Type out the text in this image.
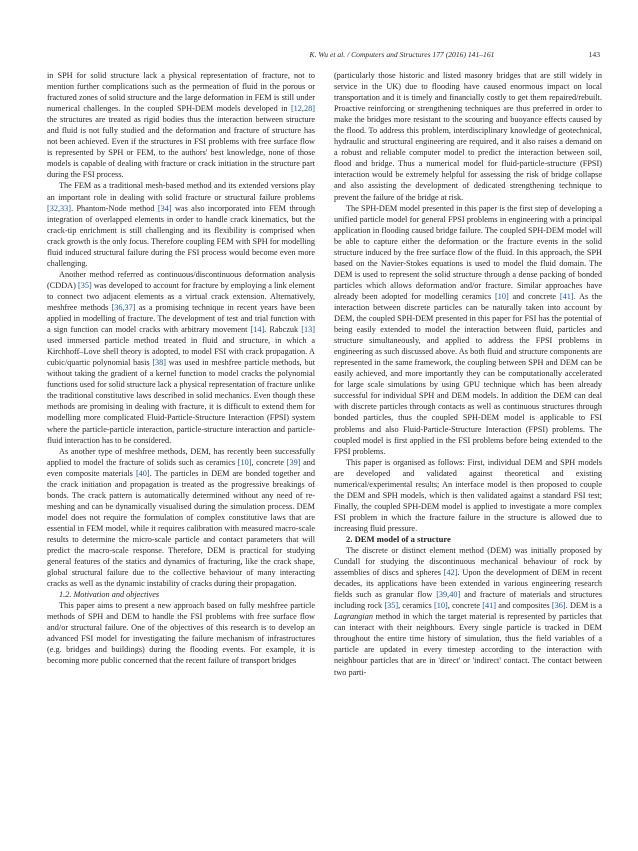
K. Wu et al. / Computers and Structures 177 (2016) 141–161	143

in SPH for solid structure lack a physical representation of fracture, not to mention further complications such as the permeation of fluid in the porous or fractured zones of solid structure and the large deformation in FEM is still under numerical challenges. In the coupled SPH-DEM models developed in [12,28] the structures are treated as rigid bodies thus the interaction between structure and fluid is not fully studied and the deformation and fracture of structure has not been achieved. Even if the structures in FSI problems with free surface flow is represented by SPH or FEM, to the authors' best knowledge, none of those models is capable of dealing with fracture or crack initiation in the structure part during the FSI process.

The FEM as a traditional mesh-based method and its extended versions play an important role in dealing with solid fracture or structural failure problems [32,33]. Phantom-Node method [34] was also incorporated into FEM through integration of overlapped elements in order to handle crack kinematics, but the crack-tip enrichment is still challenging and its flexibility is comprised when crack growth is the only focus. Therefore coupling FEM with SPH for modelling fluid induced structural failure during the FSI process would become even more challenging.

Another method referred as continuous/discontinuous deformation analysis (CDDA) [35] was developed to account for fracture by employing a link element to connect two adjacent elements as a virtual crack extension. Alternatively, meshfree methods [36,37] as a promising technique in recent years have been applied in modelling of fracture. The development of test and trial function with a sign function can model cracks with arbitrary movement [14]. Rabczuk [13] used immersed particle method treated in fluid and structure, in which a Kirchhoff–Love shell theory is adopted, to model FSI with crack propagation. A cubic/quartic polynomial basis [38] was used in meshfree particle methods, but without taking the gradient of a kernel function to model cracks the polynomial functions used for solid structure lack a physical representation of fracture unlike the traditional constitutive laws described in solid mechanics. Even though these methods are promising in dealing with fracture, it is difficult to extend them for modelling more complicated Fluid-Particle-Structure Interaction (FPSI) system where the particle-particle interaction, particle-structure interaction and particle-fluid interaction has to be considered.

As another type of meshfree methods, DEM, has recently been successfully applied to model the fracture of solids such as ceramics [10], concrete [39] and even composite materials [40]. The particles in DEM are bonded together and the crack initiation and propagation is treated as the progressive breakings of bonds. The crack pattern is automatically determined without any need of re-meshing and can be dynamically visualised during the simulation process. DEM model does not require the formulation of complex constitutive laws that are essential in FEM model, while it requires calibration with measured macro-scale results to determine the micro-scale particle and contact parameters that will predict the macro-scale response. Therefore, DEM is practical for studying general features of the statics and dynamics of fracturing, like the crack shape, global structural failure due to the collective behaviour of many interacting cracks as well as the dynamic instability of cracks during their propagation.

1.2. Motivation and objectives

This paper aims to present a new approach based on fully meshfree particle methods of SPH and DEM to handle the FSI problems with free surface flow and/or structural failure. One of the objectives of this research is to develop an advanced FSI model for investigating the failure mechanism of infrastructures (e.g. bridges and buildings) during the flooding events. For example, it is becoming more public concerned that the recent failure of transport bridges

(particularly those historic and listed masonry bridges that are still widely in service in the UK) due to flooding have caused enormous impact on local transportation and it is timely and financially costly to get them repaired/rebuilt. Proactive reinforcing or strengthening techniques are thus preferred in order to make the bridges more resistant to the scouring and buoyance effects caused by the flood. To address this problem, interdisciplinary knowledge of geotechnical, hydraulic and structural engineering are required, and it also raises a demand on a robust and reliable computer model to predict the interaction between soil, flood and bridge. Thus a numerical model for fluid-particle-structure (FPSI) interaction would be extremely helpful for assessing the risk of bridge collapse and also assisting the development of dedicated strengthening technique to prevent the failure of the bridge at risk.

The SPH-DEM model presented in this paper is the first step of developing a unified particle model for general FPSI problems in engineering with a principal application in flooding caused bridge failure. The coupled SPH-DEM model will be able to capture either the deformation or the fracture events in the solid structure induced by the free surface flow of the fluid. In this approach, the SPH based on the Navier-Stokes equations is used to model the fluid domain. The DEM is used to represent the solid structure through a dense packing of bonded particles which allows deformation and/or fracture. Similar approaches have already been adopted for modelling ceramics [10] and concrete [41]. As the interaction between discrete particles can be naturally taken into account by DEM, the coupled SPH-DEM presented in this paper for FSI has the potential of being easily extended to model the interaction between fluid, particles and structure simultaneously, and applied to address the FPSI problems in engineering as such discussed above. As both fluid and structure components are represented in the same framework, the coupling between SPH and DEM can be easily achieved, and more importantly they can be computationally accelerated for large scale simulations by using GPU technique which has been already successful for individual SPH and DEM models. In addition the DEM can deal with discrete particles through contacts as well as continuous structures through bonded particles, thus the coupled SPH-DEM model is applicable to FSI problems and also Fluid-Particle-Structure Interaction (FPSI) problems. The coupled model is first applied in the FSI problems before being extended to the FPSI problems.

This paper is organised as follows: First, individual DEM and SPH models are developed and validated against theoretical and existing numerical/experimental results; An interface model is then proposed to couple the DEM and SPH models, which is then validated against a standard FSI test; Finally, the coupled SPH-DEM model is applied to investigate a more complex FSI problem in which the fracture failure in the structure is allowed due to increasing fluid pressure.

2. DEM model of a structure

The discrete or distinct element method (DEM) was initially proposed by Cundall for studying the discontinuous mechanical behaviour of rock by assemblies of discs and spheres [42]. Upon the development of DEM in recent decades, its applications have been extended in various engineering research fields such as granular flow [39,40] and fracture of materials and structures including rock [35], ceramics [10], concrete [41] and composites [36]. DEM is a Lagrangian method in which the target material is represented by particles that can interact with their neighbours. Every single particle is tracked in DEM throughout the entire time history of simulation, thus the field variables of a particle are updated in every timestep according to the interaction with neighbour particles that are in 'direct' or 'indirect' contact. The contact between two parti-
